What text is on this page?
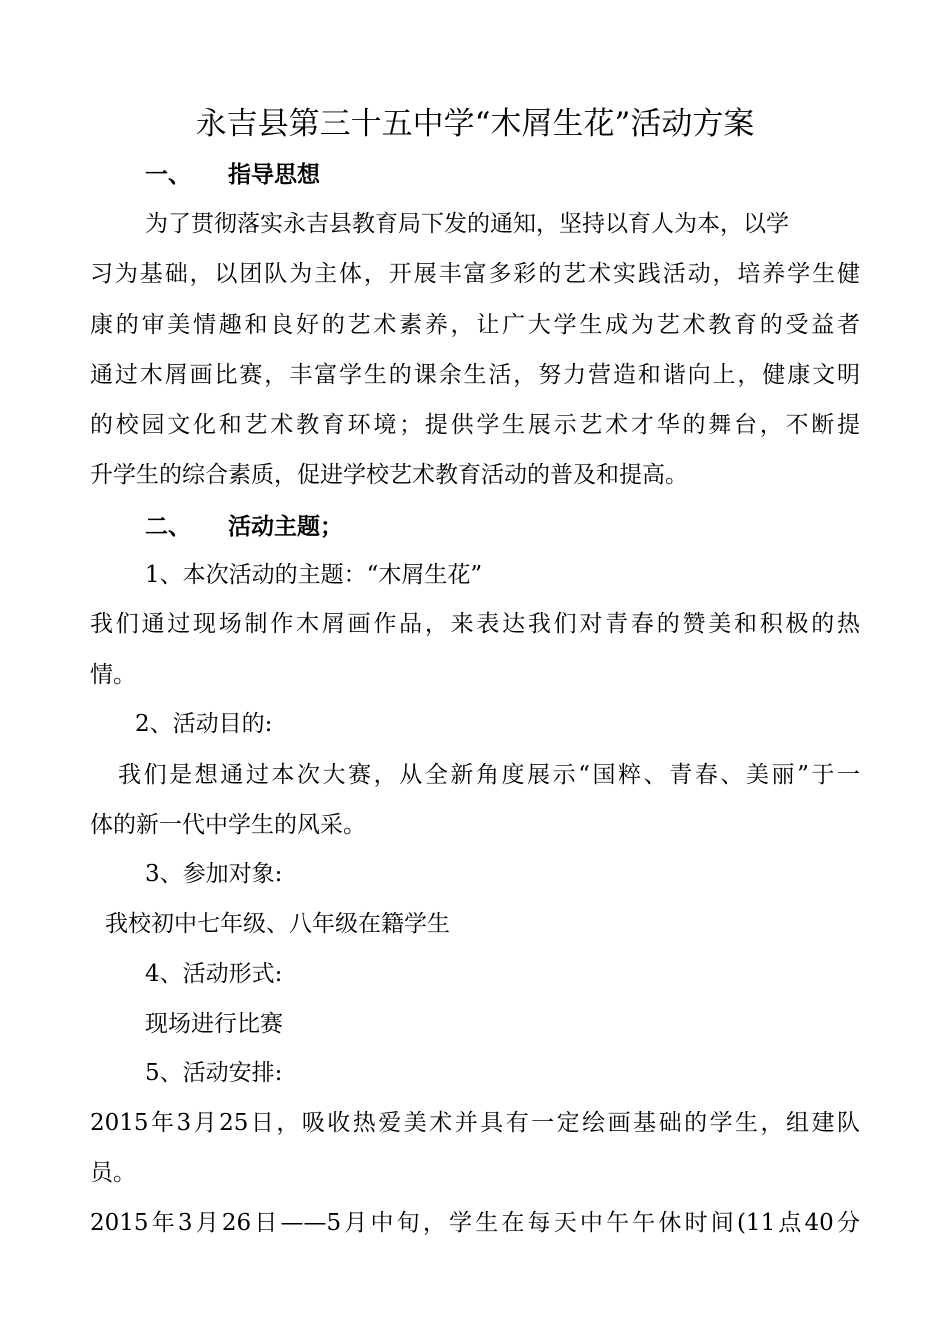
永吉县第三十五中学“木屑生花”活动方案
一、 指导思想
为了贯彻落实永吉县教育局下发的通知，坚持以育人为本，以学
习为基础，以团队为主体，开展丰富多彩的艺术实践活动，培养学生健
康的审美情趣和良好的艺术素养，让广大学生成为艺术教育的受益者
通过木屑画比赛，丰富学生的课余生活，努力营造和谐向上，健康文明
的校园文化和艺术教育环境；提供学生展示艺术才华的舞台，不断提
升学生的综合素质，促进学校艺术教育活动的普及和提高。
二、 活动主题；
1、本次活动的主题：“木屑生花”
我们通过现场制作木屑画作品，来表达我们对青春的赞美和积极的热
情。
2、活动目的:
我们是想通过本次大赛，从全新角度展示“国粹、青春、美丽”于一
体的新一代中学生的风采。
3、参加对象:
我校初中七年级、八年级在籍学生
4、活动形式:
现场进行比赛
5、活动安排:
2015年3月25日，吸收热爱美术并具有一定绘画基础的学生，组建队
员。
2015年3月26日——5月中旬，学生在每天中午午休时间(11点40分
